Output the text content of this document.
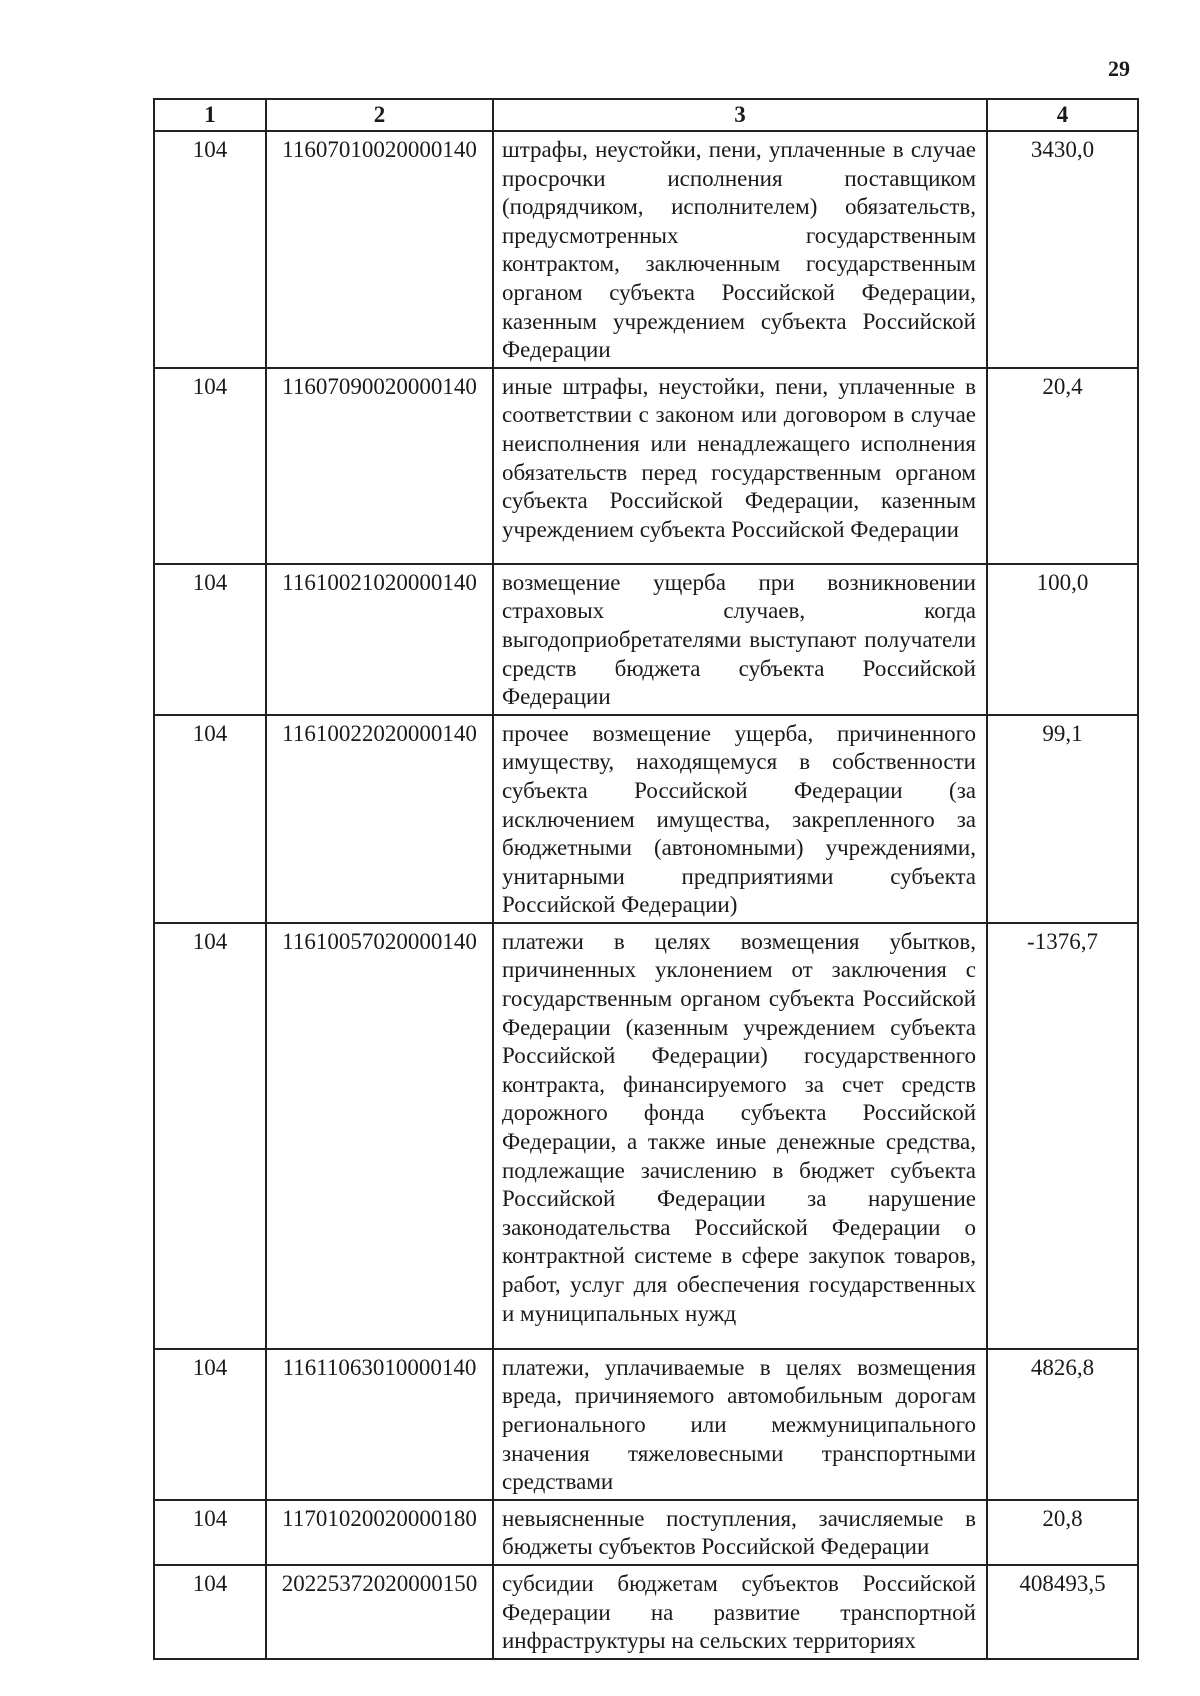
29
1	2	3	4
104	11607010020000140	штрафы, неустойки, пени, уплаченные в случае просрочки исполнения поставщиком (подрядчиком, исполнителем) обязательств, предусмотренных государственным контрактом, заключенным государственным органом субъекта Российской Федерации, казенным учреждением субъекта Российской Федерации	3430,0
104	11607090020000140	иные штрафы, неустойки, пени, уплаченные в соответствии с законом или договором в случае неисполнения или ненадлежащего исполнения обязательств перед государственным органом субъекта Российской Федерации, казенным учреждением субъекта Российской Федерации	20,4
104	11610021020000140	возмещение ущерба при возникновении страховых случаев, когда выгодоприобретателями выступают получатели средств бюджета субъекта Российской Федерации	100,0
104	11610022020000140	прочее возмещение ущерба, причиненного имуществу, находящемуся в собственности субъекта Российской Федерации (за исключением имущества, закрепленного за бюджетными (автономными) учреждениями, унитарными предприятиями субъекта Российской Федерации)	99,1
104	11610057020000140	платежи в целях возмещения убытков, причиненных уклонением от заключения с государственным органом субъекта Российской Федерации (казенным учреждением субъекта Российской Федерации) государственного контракта, финансируемого за счет средств дорожного фонда субъекта Российской Федерации, а также иные денежные средства, подлежащие зачислению в бюджет субъекта Российской Федерации за нарушение законодательства Российской Федерации о контрактной системе в сфере закупок товаров, работ, услуг для обеспечения государственных и муниципальных нужд	-1376,7
104	11611063010000140	платежи, уплачиваемые в целях возмещения вреда, причиняемого автомобильным дорогам регионального или межмуниципального значения тяжеловесными транспортными средствами	4826,8
104	11701020020000180	невыясненные поступления, зачисляемые в бюджеты субъектов Российской Федерации	20,8
104	20225372020000150	субсидии бюджетам субъектов Российской Федерации на развитие транспортной инфраструктуры на сельских территориях	408493,5
